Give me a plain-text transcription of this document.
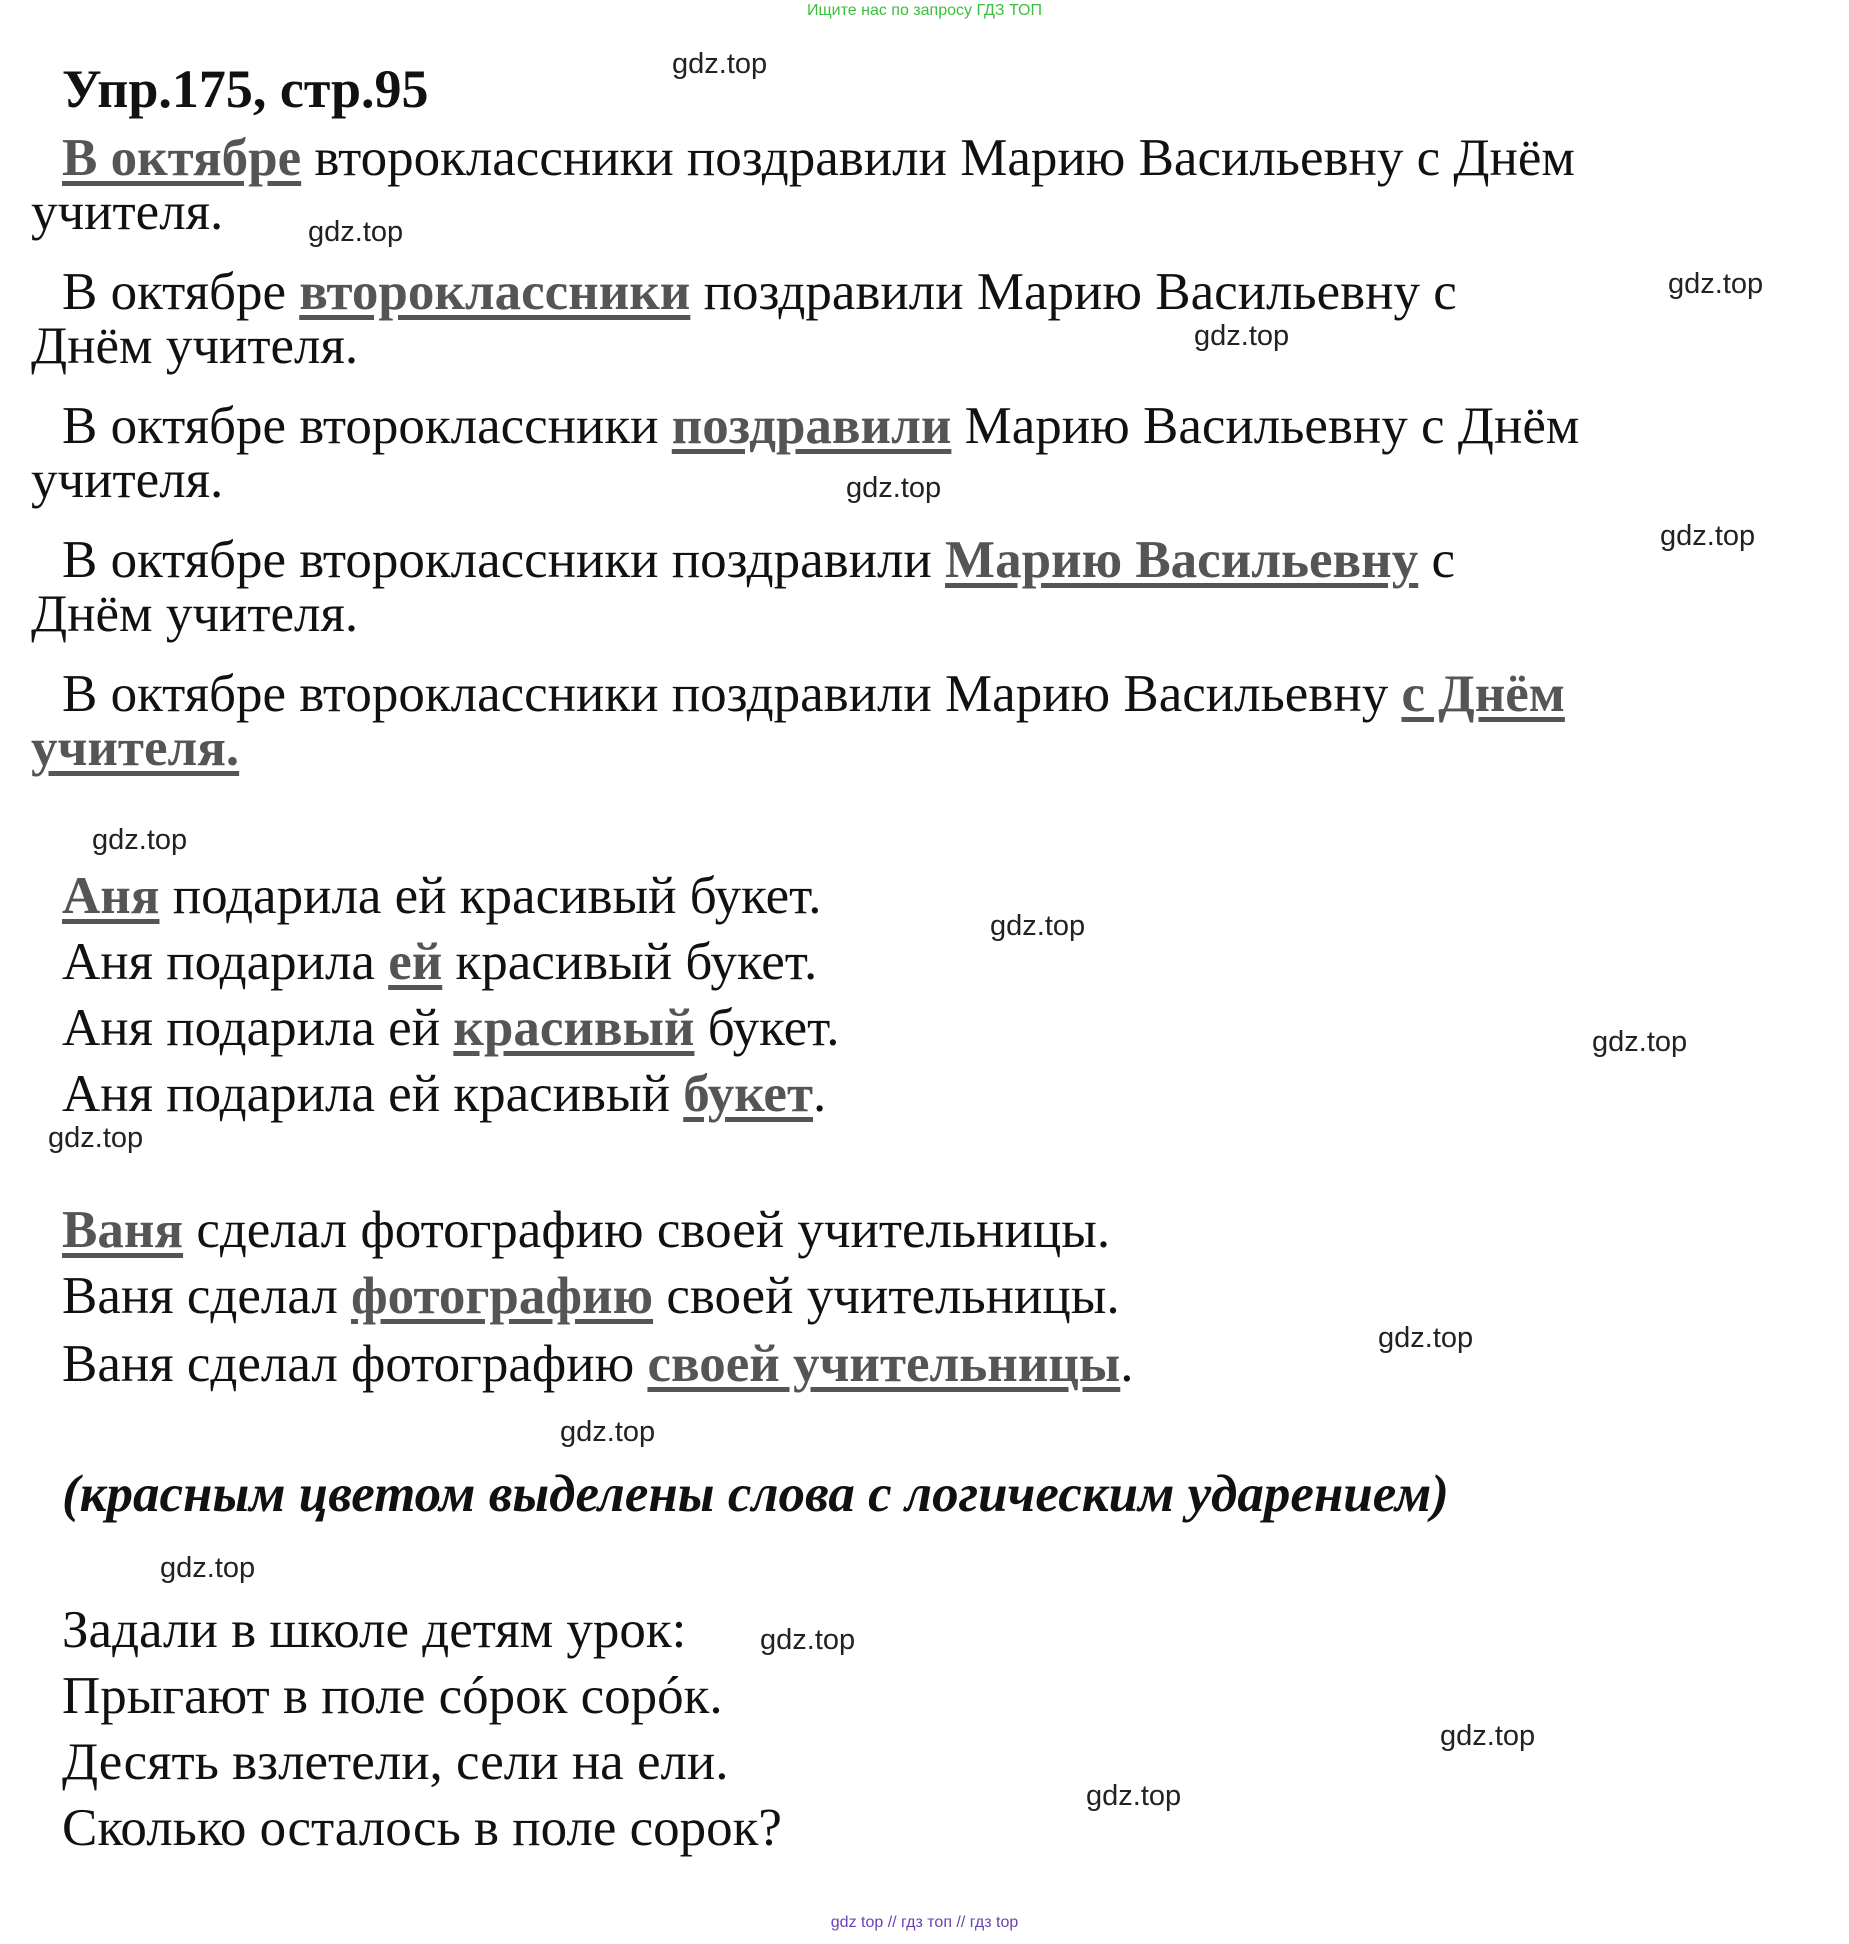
Ищите нас по запросу ГДЗ ТОП
Упр.175, стр.95
В октябре второклассники поздравили Марию Васильевну с Днём
учителя.
В октябре второклассники поздравили Марию Васильевну с
Днём учителя.
В октябре второклассники поздравили Марию Васильевну с Днём
учителя.
В октябре второклассники поздравили Марию Васильевну с
Днём учителя.
В октябре второклассники поздравили Марию Васильевну с Днём
учителя.
Аня подарила ей красивый букет.
Аня подарила ей красивый букет.
Аня подарила ей красивый букет.
Аня подарила ей красивый букет.
Ваня сделал фотографию своей учительницы.
Ваня сделал фотографию своей учительницы.
Ваня сделал фотографию своей учительницы.
(красным цветом выделены слова с логическим ударением)
Задали в школе детям урок:
Прыгают в поле сóрок сорóк.
Десять взлетели, сели на ели.
Сколько осталось в поле сорок?
gdz.top
gdz.top
gdz.top
gdz.top
gdz.top
gdz.top
gdz.top
gdz.top
gdz.top
gdz.top
gdz.top
gdz.top
gdz.top
gdz.top
gdz.top
gdz.top
gdz top // гдз топ // гдз top
